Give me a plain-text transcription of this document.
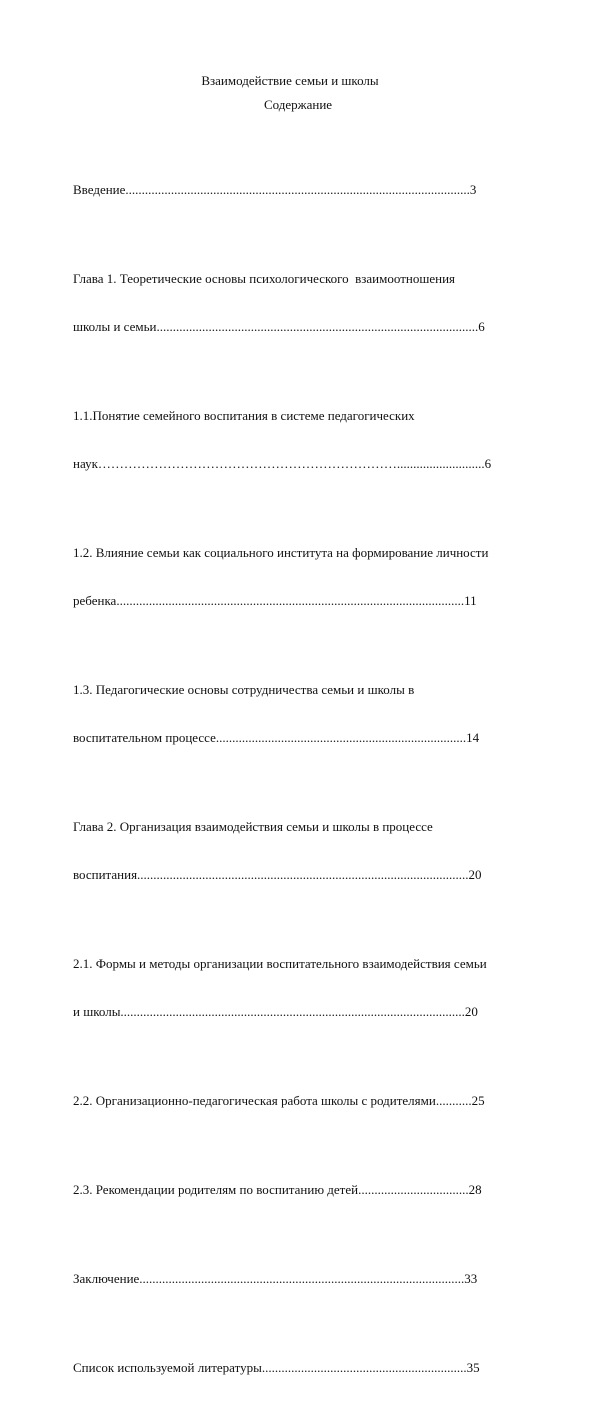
Взаимодействие семьи и школы
Содержание

Введение..........................................................................................................3

Глава 1. Теоретические основы психологического  взаимоотношения

школы и семьи...................................................................................................6

1.1.Понятие семейного воспитания в системе педагогических

наук……………………………………………………………...........................6

1.2. Влияние семьи как социального института на формирование личности

ребенка...........................................................................................................11

1.3. Педагогические основы сотрудничества семьи и школы в

воспитательном процессе.............................................................................14

Глава 2. Организация взаимодействия семьи и школы в процессе

воспитания......................................................................................................20

2.1. Формы и методы организации воспитательного взаимодействия семьи

и школы..........................................................................................................20

2.2. Организационно-педагогическая работа школы с родителями...........25

2.3. Рекомендации родителям по воспитанию детей..................................28

Заключение....................................................................................................33

Список используемой литературы...............................................................35
